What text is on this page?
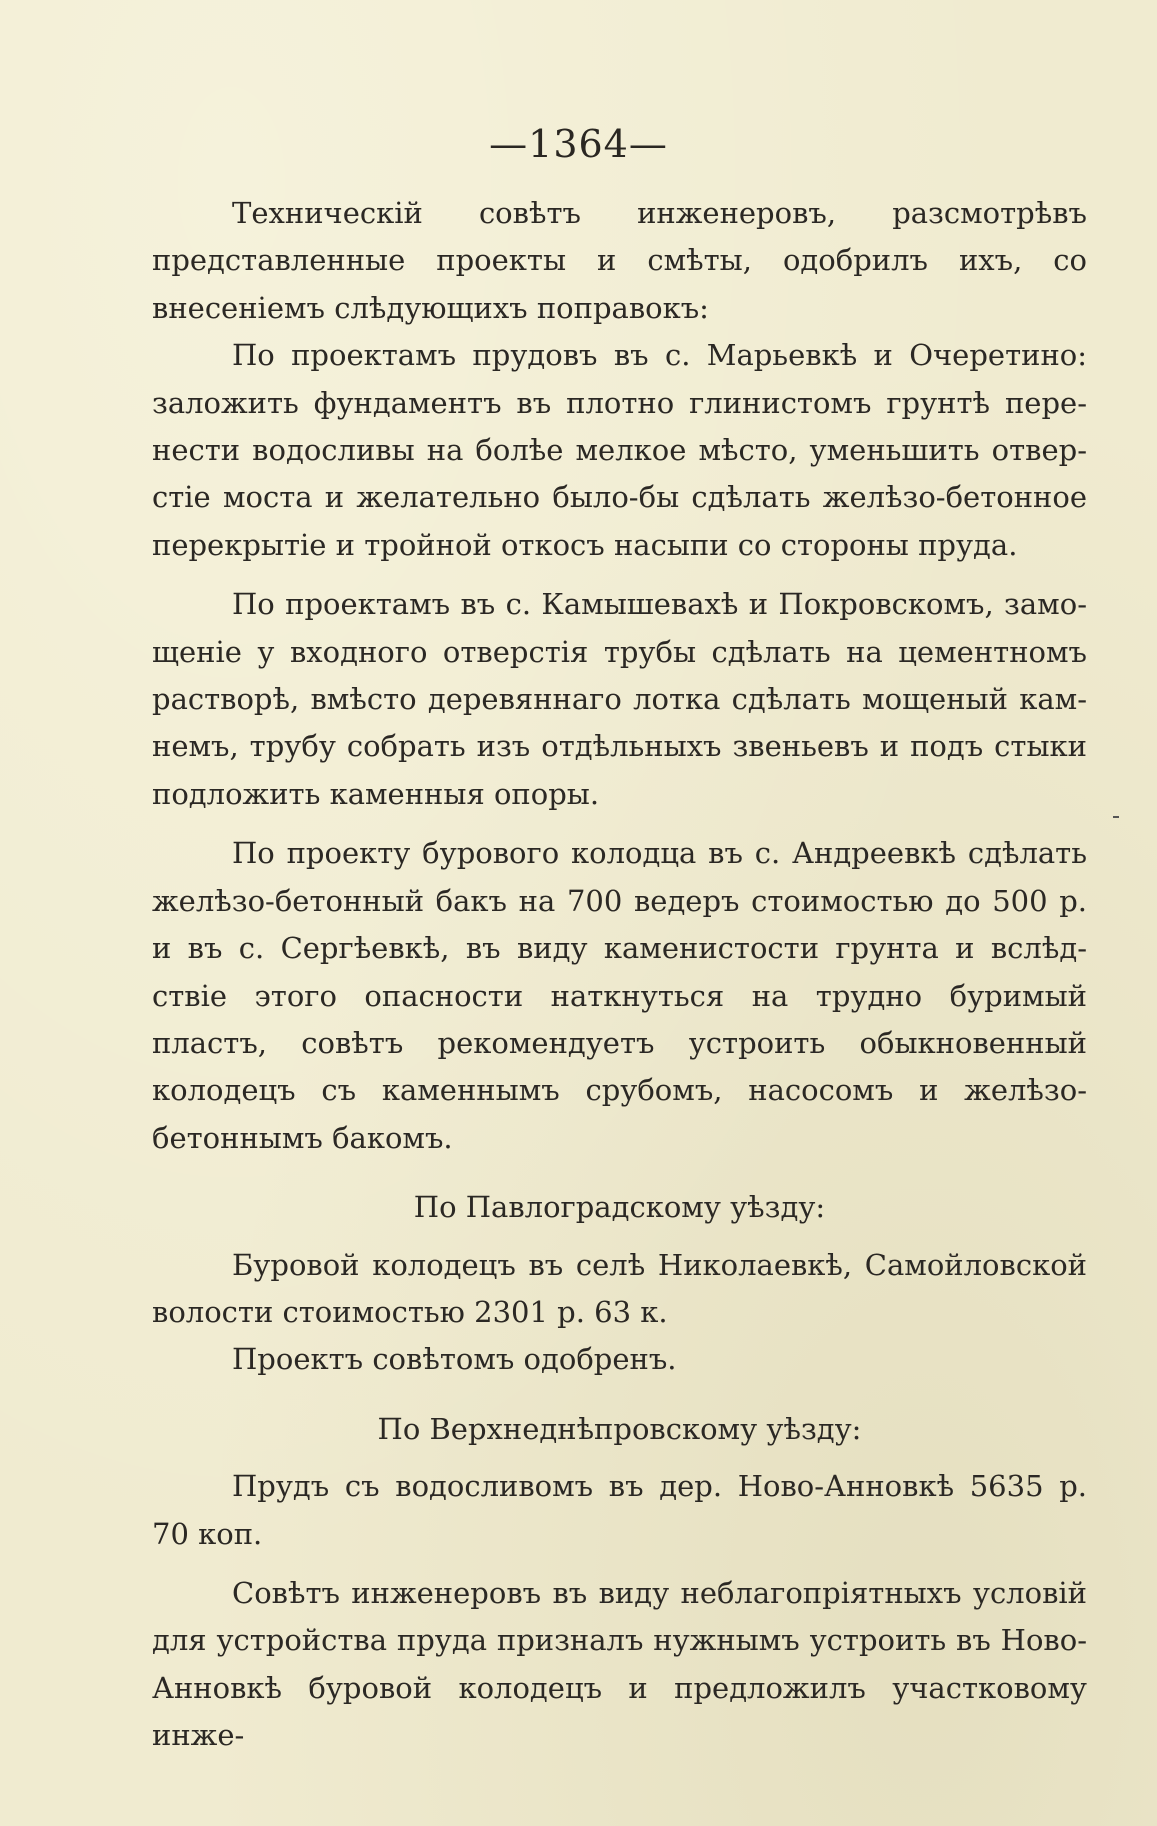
—1364—

Техническій совѣтъ инженеровъ, разсмотрѣвъ представленные проекты и смѣты, одобрилъ ихъ, со внесеніемъ слѣдующихъ поправокъ:

По проектамъ прудовъ въ с. Марьевкѣ и Очеретино: заложить фундаментъ въ плотно глинистомъ грунтѣ перенести водосливы на болѣе мелкое мѣсто, уменьшить отверстіе моста и желательно было-бы сдѣлать желѣзо-бетонное перекрытіе и тройной откосъ насыпи со стороны пруда.

По проектамъ въ с. Камышевахѣ и Покровскомъ, замощеніе у входного отверстія трубы сдѣлать на цементномъ растворѣ, вмѣсто деревяннаго лотка сдѣлать мощеный камнемъ, трубу собрать изъ отдѣльныхъ звеньевъ и подъ стыки подложить каменныя опоры.

По проекту бурового колодца въ с. Андреевкѣ сдѣлать желѣзо-бетонный бакъ на 700 ведеръ стоимостью до 500 р. и въ с. Сергѣевкѣ, въ виду каменистости грунта и вслѣдствіе этого опасности наткнуться на трудно буримый пластъ, совѣтъ рекомендуетъ устроить обыкновенный колодецъ съ каменнымъ срубомъ, насосомъ и желѣзо-бетоннымъ бакомъ.

По Павлоградскому уѣзду:

Буровой колодецъ въ селѣ Николаевкѣ, Самойловской волости стоимостью 2301 р. 63 к.

Проектъ совѣтомъ одобренъ.

По Верхнеднѣпровскому уѣзду:

Прудъ съ водосливомъ въ дер. Ново-Анновкѣ 5635 р. 70 коп.

Совѣтъ инженеровъ въ виду неблагопріятныхъ условій для устройства пруда призналъ нужнымъ устроить въ Ново-Анновкѣ буровой колодецъ и предложилъ участковому инже-
